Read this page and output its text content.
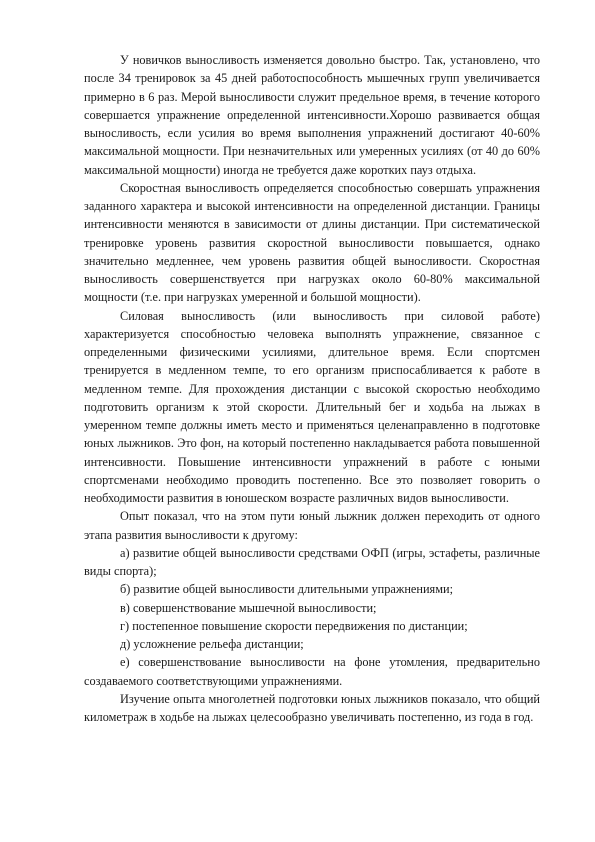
У новичков выносливость изменяется довольно быстро. Так, установлено, что после 34 тренировок за 45 дней работоспособность мышечных групп увеличивается примерно в 6 раз. Мерой выносливости служит предельное время, в течение которого совершается упражнение определенной интенсивности.Хорошо развивается общая выносливость, если усилия во время выполнения упражнений достигают 40-60% максимальной мощности. При незначительных или умеренных усилиях (от 40 до 60% максимальной мощности) иногда не требуется даже коротких пауз отдыха.

Скоростная выносливость определяется способностью совершать упражнения заданного характера и высокой интенсивности на определенной дистанции. Границы интенсивности меняются в зависимости от длины дистанции. При систематической тренировке уровень развития скоростной выносливости повышается, однако значительно медленнее, чем уровень развития общей выносливости. Скоростная выносливость совершенствуется при нагрузках около 60-80% максимальной мощности (т.е. при нагрузках умеренной и большой мощности).

Силовая выносливость (или выносливость при силовой работе) характеризуется способностью человека выполнять упражнение, связанное с определенными физическими усилиями, длительное время. Если спортсмен тренируется в медленном темпе, то его организм приспосабливается к работе в медленном темпе. Для прохождения дистанции с высокой скоростью необходимо подготовить организм к этой скорости. Длительный бег и ходьба на лыжах в умеренном темпе должны иметь место и применяться целенаправленно в подготовке юных лыжников. Это фон, на который постепенно накладывается работа повышенной интенсивности. Повышение интенсивности упражнений в работе с юными спортсменами необходимо проводить постепенно. Все это позволяет говорить о необходимости развития в юношеском возрасте различных видов выносливости.

Опыт показал, что на этом пути юный лыжник должен переходить от одного этапа развития выносливости к другому:

а) развитие общей выносливости средствами ОФП (игры, эстафеты, различные виды спорта);

б) развитие общей выносливости длительными упражнениями;

в) совершенствование мышечной выносливости;

г) постепенное повышение скорости передвижения по дистанции;

д) усложнение рельефа дистанции;

е) совершенствование выносливости на фоне утомления, предварительно создаваемого соответствующими упражнениями.

Изучение опыта многолетней подготовки юных лыжников показало, что общий километраж в ходьбе на лыжах целесообразно увеличивать постепенно, из года в год.
